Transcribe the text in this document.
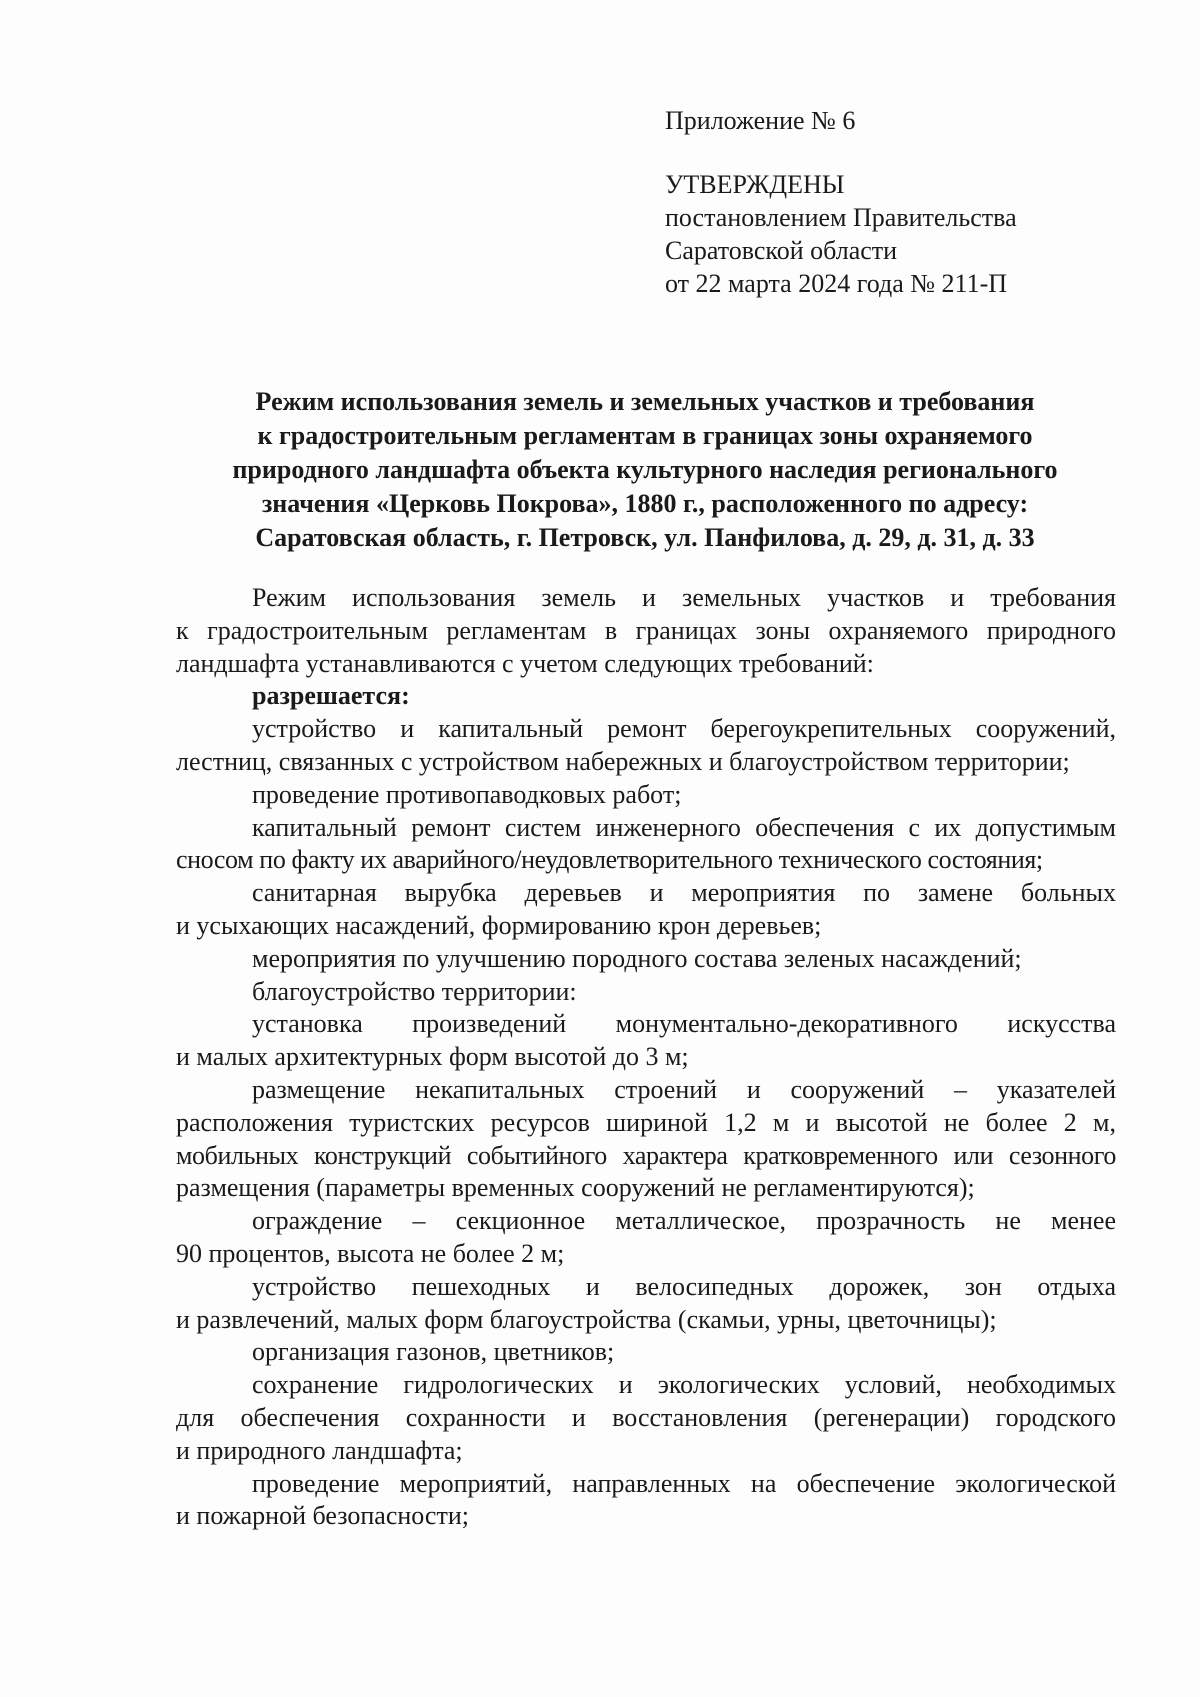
Приложение № 6
УТВЕРЖДЕНЫ
постановлением Правительства
Саратовской области
от 22 марта 2024 года № 211-П
Режим использования земель и земельных участков и требования
к градостроительным регламентам в границах зоны охраняемого
природного ландшафта объекта культурного наследия регионального
значения «Церковь Покрова», 1880 г., расположенного по адресу:
Саратовская область, г. Петровск, ул. Панфилова, д. 29, д. 31, д. 33
Режим использования земель и земельных участков и требования
к градостроительным регламентам в границах зоны охраняемого природного
ландшафта устанавливаются с учетом следующих требований:
разрешается:
устройство и капитальный ремонт берегоукрепительных сооружений,
лестниц, связанных с устройством набережных и благоустройством территории;
проведение противопаводковых работ;
капитальный ремонт систем инженерного обеспечения с их допустимым
сносом по факту их аварийного/неудовлетворительного технического состояния;
санитарная вырубка деревьев и мероприятия по замене больных
и усыхающих насаждений, формированию крон деревьев;
мероприятия по улучшению породного состава зеленых насаждений;
благоустройство территории:
установка произведений монументально-декоративного искусства
и малых архитектурных форм высотой до 3 м;
размещение некапитальных строений и сооружений – указателей
расположения туристских ресурсов шириной 1,2 м и высотой не более 2 м,
мобильных конструкций событийного характера кратковременного или сезонного
размещения (параметры временных сооружений не регламентируются);
ограждение – секционное металлическое, прозрачность не менее
90 процентов, высота не более 2 м;
устройство пешеходных и велосипедных дорожек, зон отдыха
и развлечений, малых форм благоустройства (скамьи, урны, цветочницы);
организация газонов, цветников;
сохранение гидрологических и экологических условий, необходимых
для обеспечения сохранности и восстановления (регенерации) городского
и природного ландшафта;
проведение мероприятий, направленных на обеспечение экологической
и пожарной безопасности;
